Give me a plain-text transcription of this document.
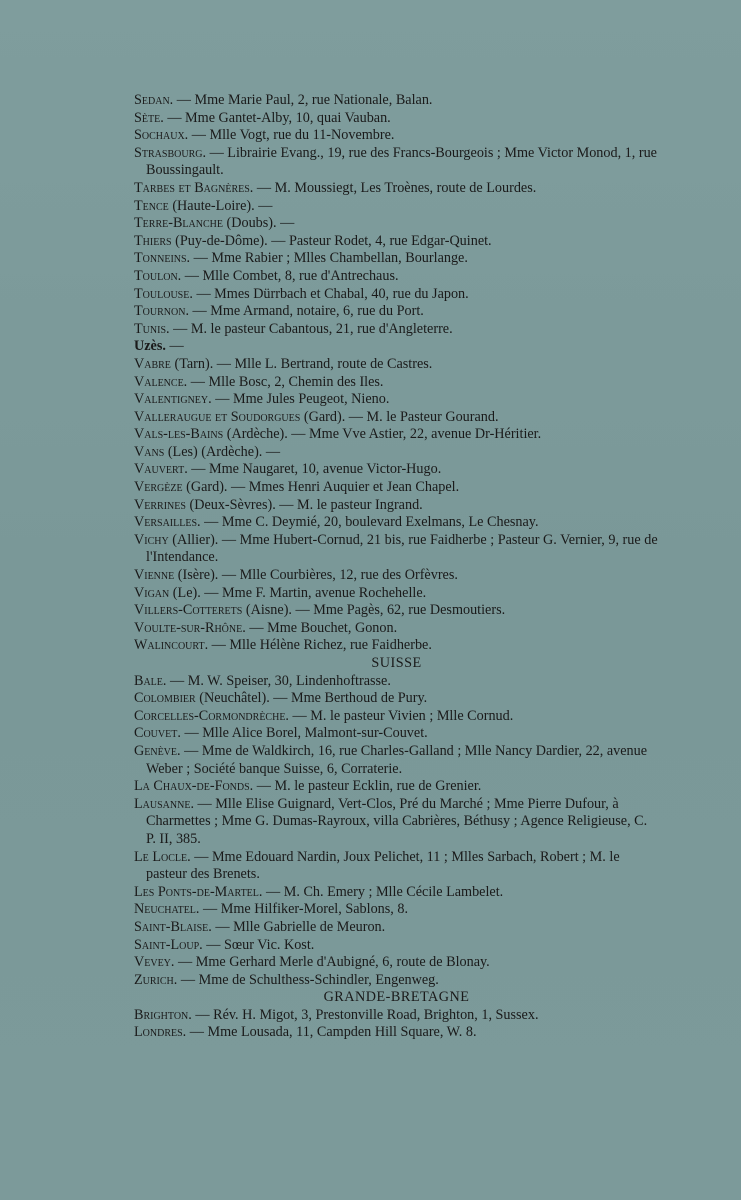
Sedan. — Mme Marie Paul, 2, rue Nationale, Balan.

Sète. — Mme Gantet-Alby, 10, quai Vauban.

Sochaux. — Mlle Vogt, rue du 11-Novembre.

Strasbourg. — Librairie Evang., 19, rue des Francs-Bourgeois ; Mme Victor Monod, 1, rue Boussingault.

Tarbes et Bagnères. — M. Moussiegt, Les Troènes, route de Lourdes.

Tence (Haute-Loire). —

Terre-Blanche (Doubs). —

Thiers (Puy-de-Dôme). — Pasteur Rodet, 4, rue Edgar-Quinet.

Tonneins. — Mme Rabier ; Mlles Chambellan, Bourlange.

Toulon. — Mlle Combet, 8, rue d'Antrechaus.

Toulouse. — Mmes Dürrbach et Chabal, 40, rue du Japon.

Tournon. — Mme Armand, notaire, 6, rue du Port.

Tunis. — M. le pasteur Cabantous, 21, rue d'Angleterre.

Uzès. —

Vabre (Tarn). — Mlle L. Bertrand, route de Castres.

Valence. — Mlle Bosc, 2, Chemin des Iles.

Valentigney. — Mme Jules Peugeot, Nieno.

Valleraugue et Soudorgues (Gard). — M. le Pasteur Gourand.

Vals-les-Bains (Ardèche). — Mme Vve Astier, 22, avenue Dr-Héritier.

Vans (Les) (Ardèche). —

Vauvert. — Mme Naugaret, 10, avenue Victor-Hugo.

Vergèze (Gard). — Mmes Henri Auquier et Jean Chapel.

Verrines (Deux-Sèvres). — M. le pasteur Ingrand.

Versailles. — Mme C. Deymié, 20, boulevard Exelmans, Le Chesnay.

Vichy (Allier). — Mme Hubert-Cornud, 21 bis, rue Faidherbe ; Pasteur G. Vernier, 9, rue de l'Intendance.

Vienne (Isère). — Mlle Courbières, 12, rue des Orfèvres.

Vigan (Le). — Mme F. Martin, avenue Rochehelle.

Villers-Cotterets (Aisne). — Mme Pagès, 62, rue Desmoutiers.

Voulte-sur-Rhône. — Mme Bouchet, Gonon.

Walincourt. — Mlle Hélène Richez, rue Faidherbe.

SUISSE

Bale. — M. W. Speiser, 30, Lindenhoftrasse.

Colombier (Neuchâtel). — Mme Berthoud de Pury.

Corcelles-Cormondrèche. — M. le pasteur Vivien ; Mlle Cornud.

Couvet. — Mlle Alice Borel, Malmont-sur-Couvet.

Genève. — Mme de Waldkirch, 16, rue Charles-Galland ; Mlle Nancy Dardier, 22, avenue Weber ; Société banque Suisse, 6, Corraterie.

La Chaux-de-Fonds. — M. le pasteur Ecklin, rue de Grenier.

Lausanne. — Mlle Elise Guignard, Vert-Clos, Pré du Marché ; Mme Pierre Dufour, à Charmettes ; Mme G. Dumas-Rayroux, villa Cabrières, Béthusy ; Agence Religieuse, C. P. II, 385.

Le Locle. — Mme Edouard Nardin, Joux Pelichet, 11 ; Mlles Sarbach, Robert ; M. le pasteur des Brenets.

Les Ponts-de-Martel. — M. Ch. Emery ; Mlle Cécile Lambelet.

Neuchatel. — Mme Hilfiker-Morel, Sablons, 8.

Saint-Blaise. — Mlle Gabrielle de Meuron.

Saint-Loup. — Sœur Vic. Kost.

Vevey. — Mme Gerhard Merle d'Aubigné, 6, route de Blonay.

Zurich. — Mme de Schulthess-Schindler, Engenweg.

GRANDE-BRETAGNE

Brighton. — Rév. H. Migot, 3, Prestonville Road, Brighton, 1, Sussex.

Londres. — Mme Lousada, 11, Campden Hill Square, W. 8.
